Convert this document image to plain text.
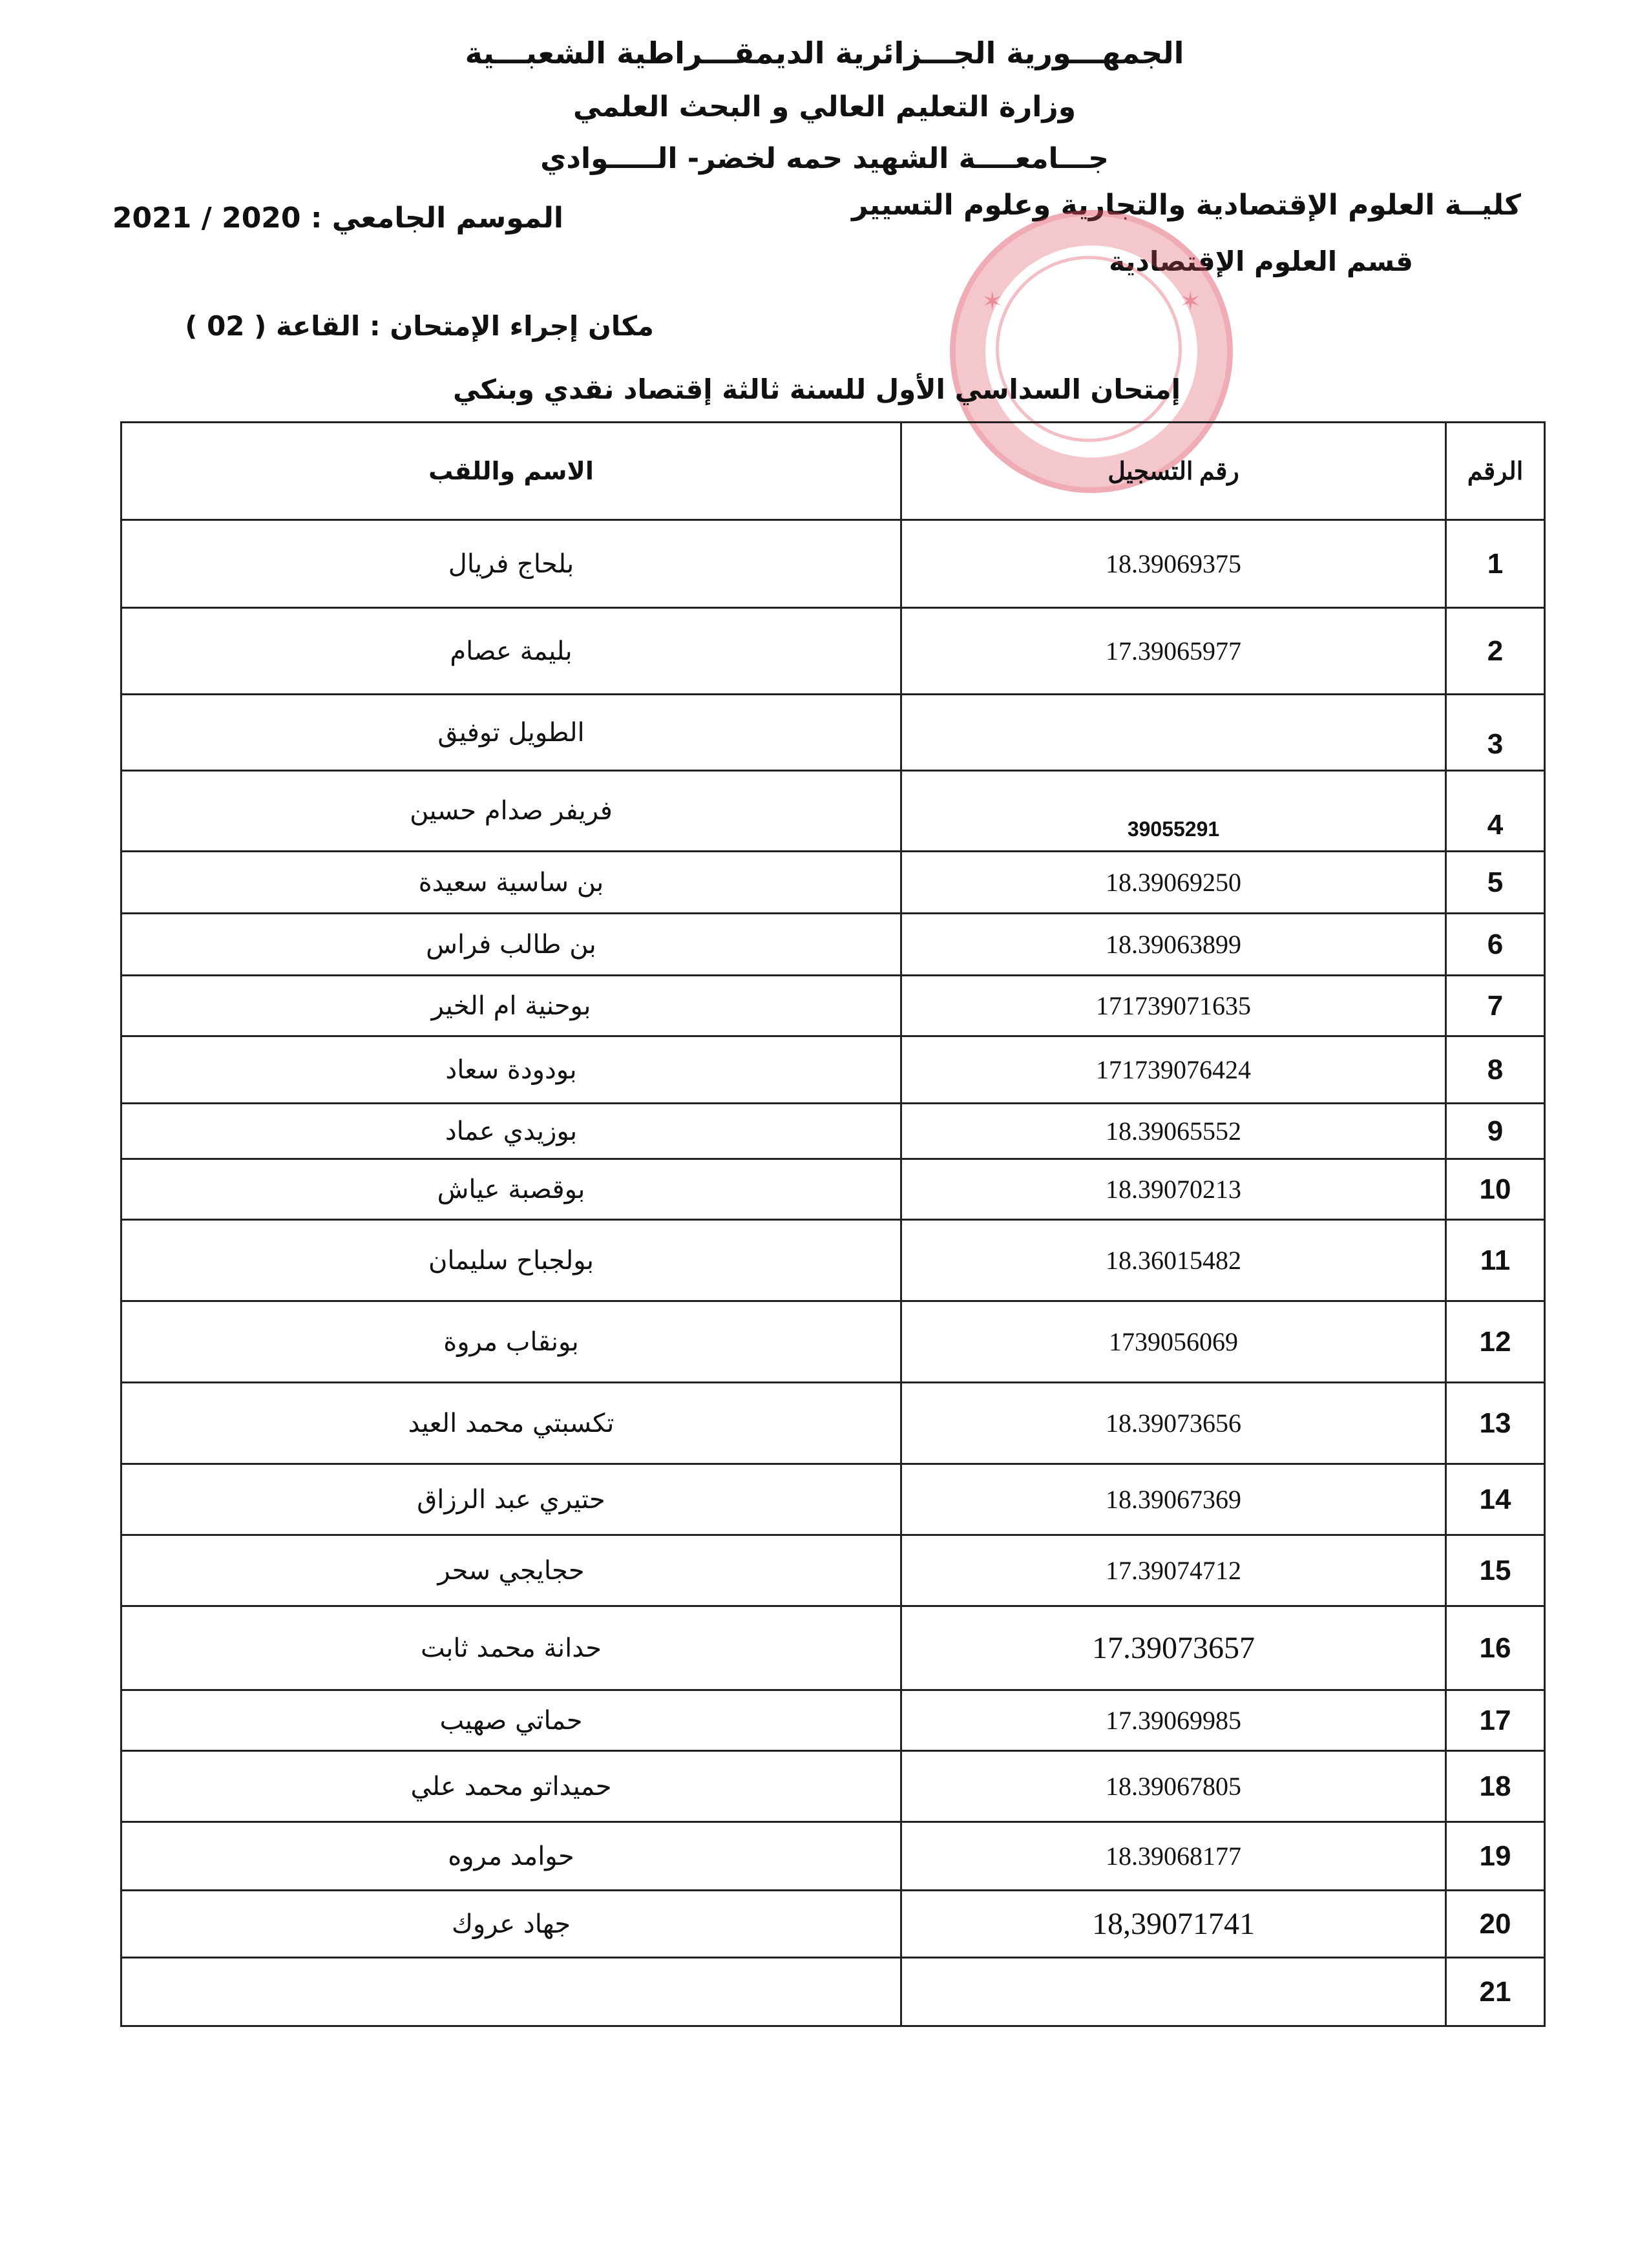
الجمهـــورية الجـــزائرية الديمقـــراطية الشعبـــية
وزارة التعليم العالي و البحث العلمي
جـــامعــــة الشهيد حمه لخضر- الـــــوادي
كليــة العلوم الإقتصادية والتجارية وعلوم التسيير
قسم العلوم الإقتصادية
الموسم الجامعي : 2020 / 2021
مكان إجراء الإمتحان : القاعة ( 02 )
✶	✶
إمتحان السداسي الأول للسنة ثالثة إقتصاد نقدي وبنكي
الرقم	رقم التسجيل	الاسم واللقب
1	18.39069375	بلحاج فريال
2	17.39065977	بليمة عصام
3		الطويل توفيق
4	39055291	فريفر صدام حسين
5	18.39069250	بن ساسية سعيدة
6	18.39063899	بن طالب فراس
7	171739071635	بوحنية ام الخير
8	171739076424	بودودة سعاد
9	18.39065552	بوزيدي عماد
10	18.39070213	بوقصبة عياش
11	18.36015482	بولجباح سليمان
12	1739056069	بونقاب مروة
13	18.39073656	تكسبتي محمد العيد
14	18.39067369	حتيري عبد الرزاق
15	17.39074712	حجايجي سحر
16	17.39073657	حدانة محمد ثابت
17	17.39069985	حماتي صهيب
18	18.39067805	حميداتو محمد علي
19	18.39068177	حوامد مروه
20	18,39071741	جهاد عروك
21		
